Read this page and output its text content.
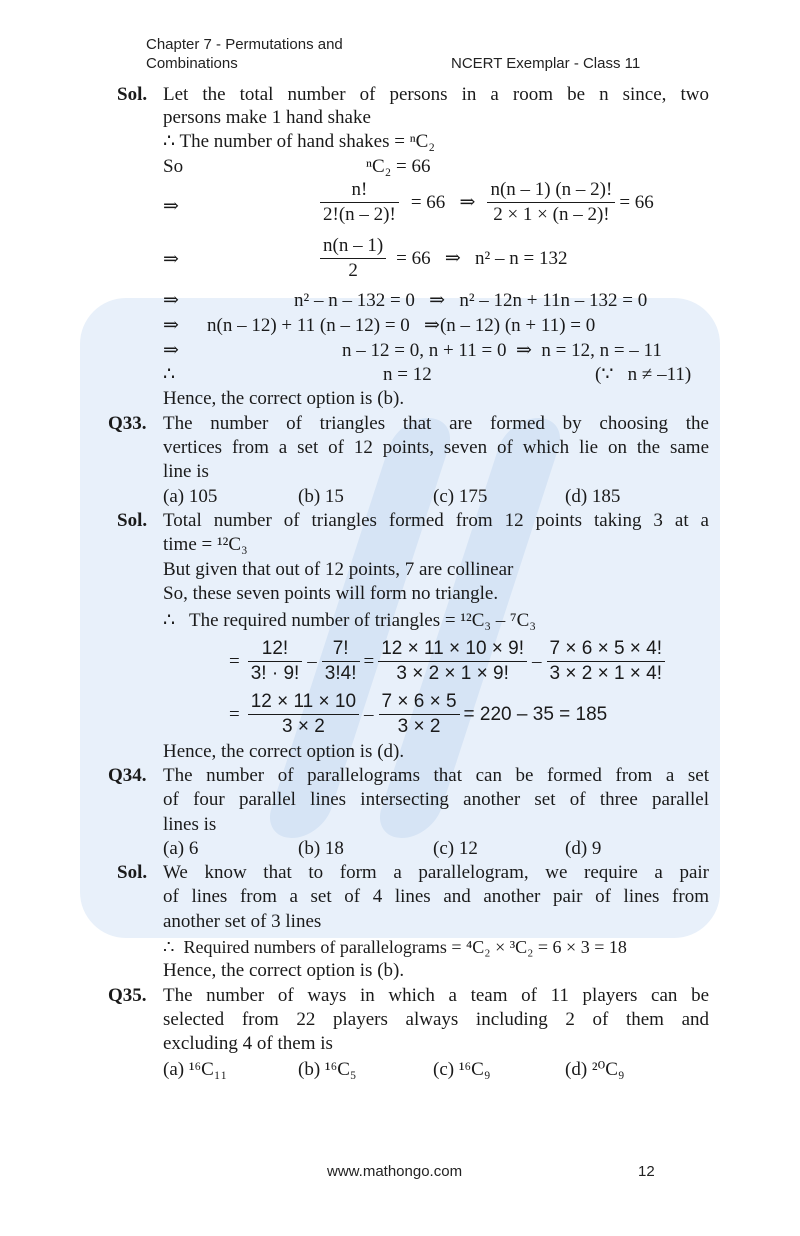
Chapter 7 - Permutations and
Combinations	NCERT Exemplar - Class 11
Sol. Let the total number of persons in a room be n since, two
persons make 1 hand shake
∴ The number of hand shakes = ⁿC₂
So	ⁿC₂ = 66
⇒	$\frac{n!}{2!(n - 2)!} = 66$   ⇒ $\frac{n(n - 1) (n - 2)!}{2 \times 1 \times (n - 2)!} = 66$
⇒	$\frac{n(n - 1)}{2} = 66$   ⇒   n² – n = 132
⇒	n² – n – 132 = 0   ⇒   n² – 12n + 11n – 132 = 0
⇒ n(n – 12) + 11 (n – 12) = 0   ⇒(n – 12) (n + 11) = 0
⇒	n – 12 = 0, n + 11 = 0  ⇒  n = 12, n = – 11
∴	n = 12	(∵   n ≠ –11)
Hence, the correct option is (b).
Q33. The number of triangles that are formed by choosing the
vertices from a set of 12 points, seven of which lie on the same
line is
(a) 105	(b) 15	(c) 175	(d) 185
Sol. Total number of triangles formed from 12 points taking 3 at a
time = ¹²C₃
But given that out of 12 points, 7 are collinear
So, these seven points will form no triangle.
∴   The required number of triangles = ¹²C₃ – ⁷C₃
= $\frac{12!}{3! \cdot 9!} - \frac{7!}{3!4!} = \frac{12 \times 11 \times 10 \times 9!}{3 \times 2 \times 1 \times 9!} - \frac{7 \times 6 \times 5 \times 4!}{3 \times 2 \times 1 \times 4!}$
= $\frac{12 \times 11 \times 10}{3 \times 2} - \frac{7 \times 6 \times 5}{3 \times 2} = 220 - 35 = 185$
Hence, the correct option is (d).
Q34. The number of parallelograms that can be formed from a set
of four parallel lines intersecting another set of three parallel
lines is
(a) 6	(b) 18	(c) 12	(d) 9
Sol. We know that to form a parallelogram, we require a pair
of lines from a set of 4 lines and another pair of lines from
another set of 3 lines
∴  Required numbers of parallelograms = ⁴C₂ × ³C₂ = 6 × 3 = 18
Hence, the correct option is (b).
Q35. The number of ways in which a team of 11 players can be
selected from 22 players always including 2 of them and
excluding 4 of them is
(a) ¹⁶C₁₁	(b) ¹⁶C₅	(c) ¹⁶C₉	(d) ²⁰C₉
www.mathongo.com	12
